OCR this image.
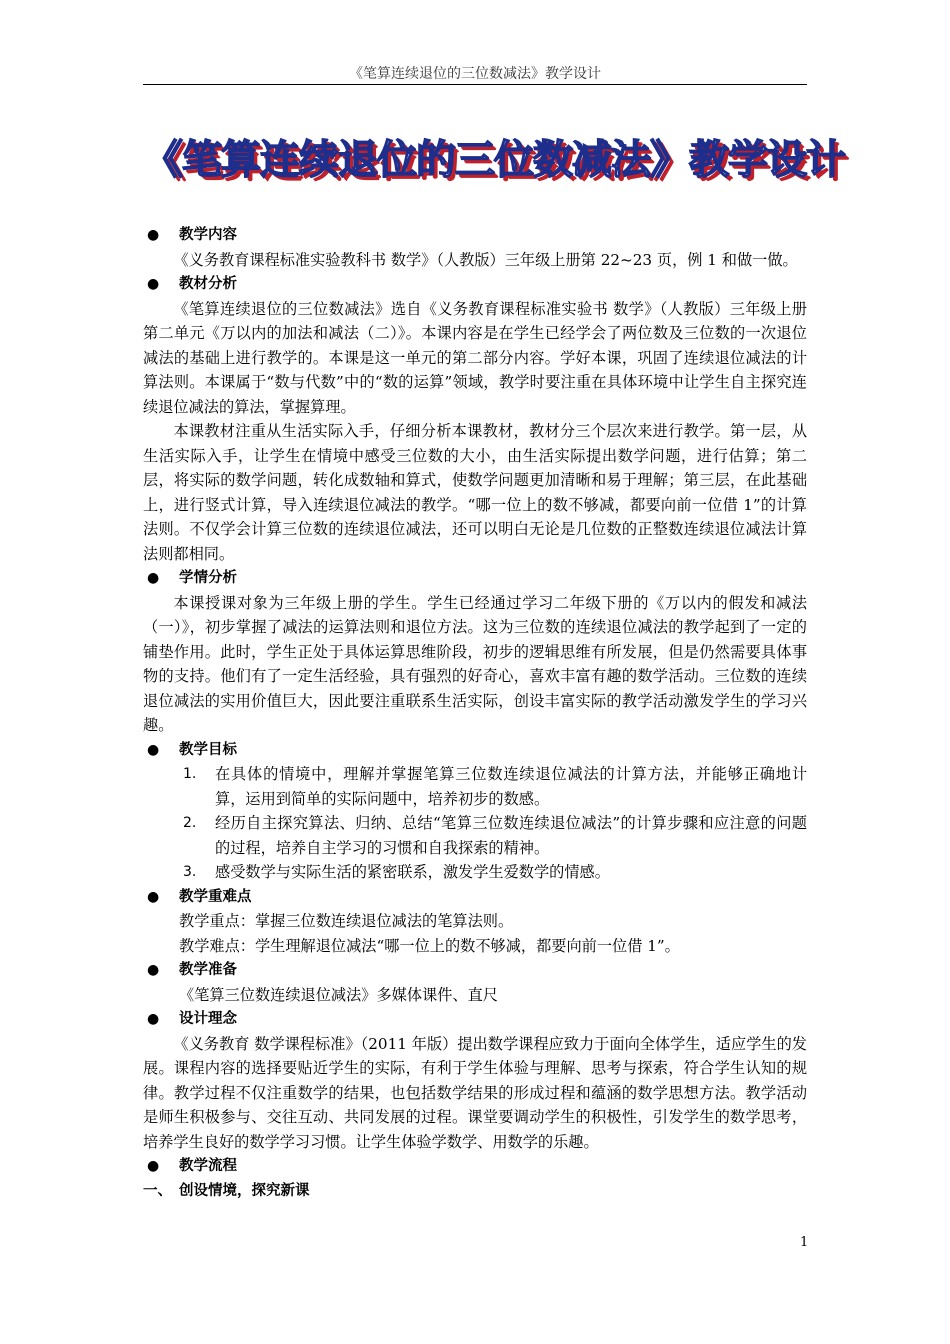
《笔算连续退位的三位数减法》教学设计
《笔算连续退位的三位数减法》教学设计
● 教学内容

《义务教育课程标准实验教科书 数学》（人教版）三年级上册第 22~23 页，例 1 和做一做。

● 教材分析

《笔算连续退位的三位数减法》选自《义务教育课程标准实验书 数学》（人教版）三年级上册第二单元《万以内的加法和减法（二）》。本课内容是在学生已经学会了两位数及三位数的一次退位减法的基础上进行教学的。本课是这一单元的第二部分内容。学好本课，巩固了连续退位减法的计算法则。本课属于“数与代数”中的“数的运算”领域，教学时要注重在具体环境中让学生自主探究连续退位减法的算法，掌握算理。

本课教材注重从生活实际入手，仔细分析本课教材，教材分三个层次来进行教学。第一层，从生活实际入手，让学生在情境中感受三位数的大小，由生活实际提出数学问题，进行估算；第二层，将实际的数学问题，转化成数轴和算式，使数学问题更加清晰和易于理解；第三层，在此基础上，进行竖式计算，导入连续退位减法的教学。“哪一位上的数不够减，都要向前一位借 1”的计算法则。不仅学会计算三位数的连续退位减法，还可以明白无论是几位数的正整数连续退位减法计算法则都相同。

● 学情分析

本课授课对象为三年级上册的学生。学生已经通过学习二年级下册的《万以内的假发和减法（一）》，初步掌握了减法的运算法则和退位方法。这为三位数的连续退位减法的教学起到了一定的铺垫作用。此时，学生正处于具体运算思维阶段，初步的逻辑思维有所发展，但是仍然需要具体事物的支持。他们有了一定生活经验，具有强烈的好奇心，喜欢丰富有趣的数学活动。三位数的连续退位减法的实用价值巨大，因此要注重联系生活实际，创设丰富实际的教学活动激发学生的学习兴趣。

● 教学目标
1. 在具体的情境中，理解并掌握笔算三位数连续退位减法的计算方法，并能够正确地计算，运用到简单的实际问题中，培养初步的数感。
2. 经历自主探究算法、归纳、总结“笔算三位数连续退位减法”的计算步骤和应注意的问题的过程，培养自主学习的习惯和自我探索的精神。
3. 感受数学与实际生活的紧密联系，激发学生爱数学的情感。
● 教学重难点

教学重点：掌握三位数连续退位减法的笔算法则。

教学难点：学生理解退位减法“哪一位上的数不够减，都要向前一位借 1”。

● 教学准备

《笔算三位数连续退位减法》多媒体课件、直尺

● 设计理念

《义务教育 数学课程标准》（2011 年版）提出数学课程应致力于面向全体学生，适应学生的发展。课程内容的选择要贴近学生的实际，有利于学生体验与理解、思考与探索，符合学生认知的规律。教学过程不仅注重数学的结果，也包括数学结果的形成过程和蕴涵的数学思想方法。教学活动是师生积极参与、交往互动、共同发展的过程。课堂要调动学生的积极性，引发学生的数学思考，培养学生良好的数学学习习惯。让学生体验学数学、用数学的乐趣。

● 教学流程
一、 创设情境，探究新课
1
